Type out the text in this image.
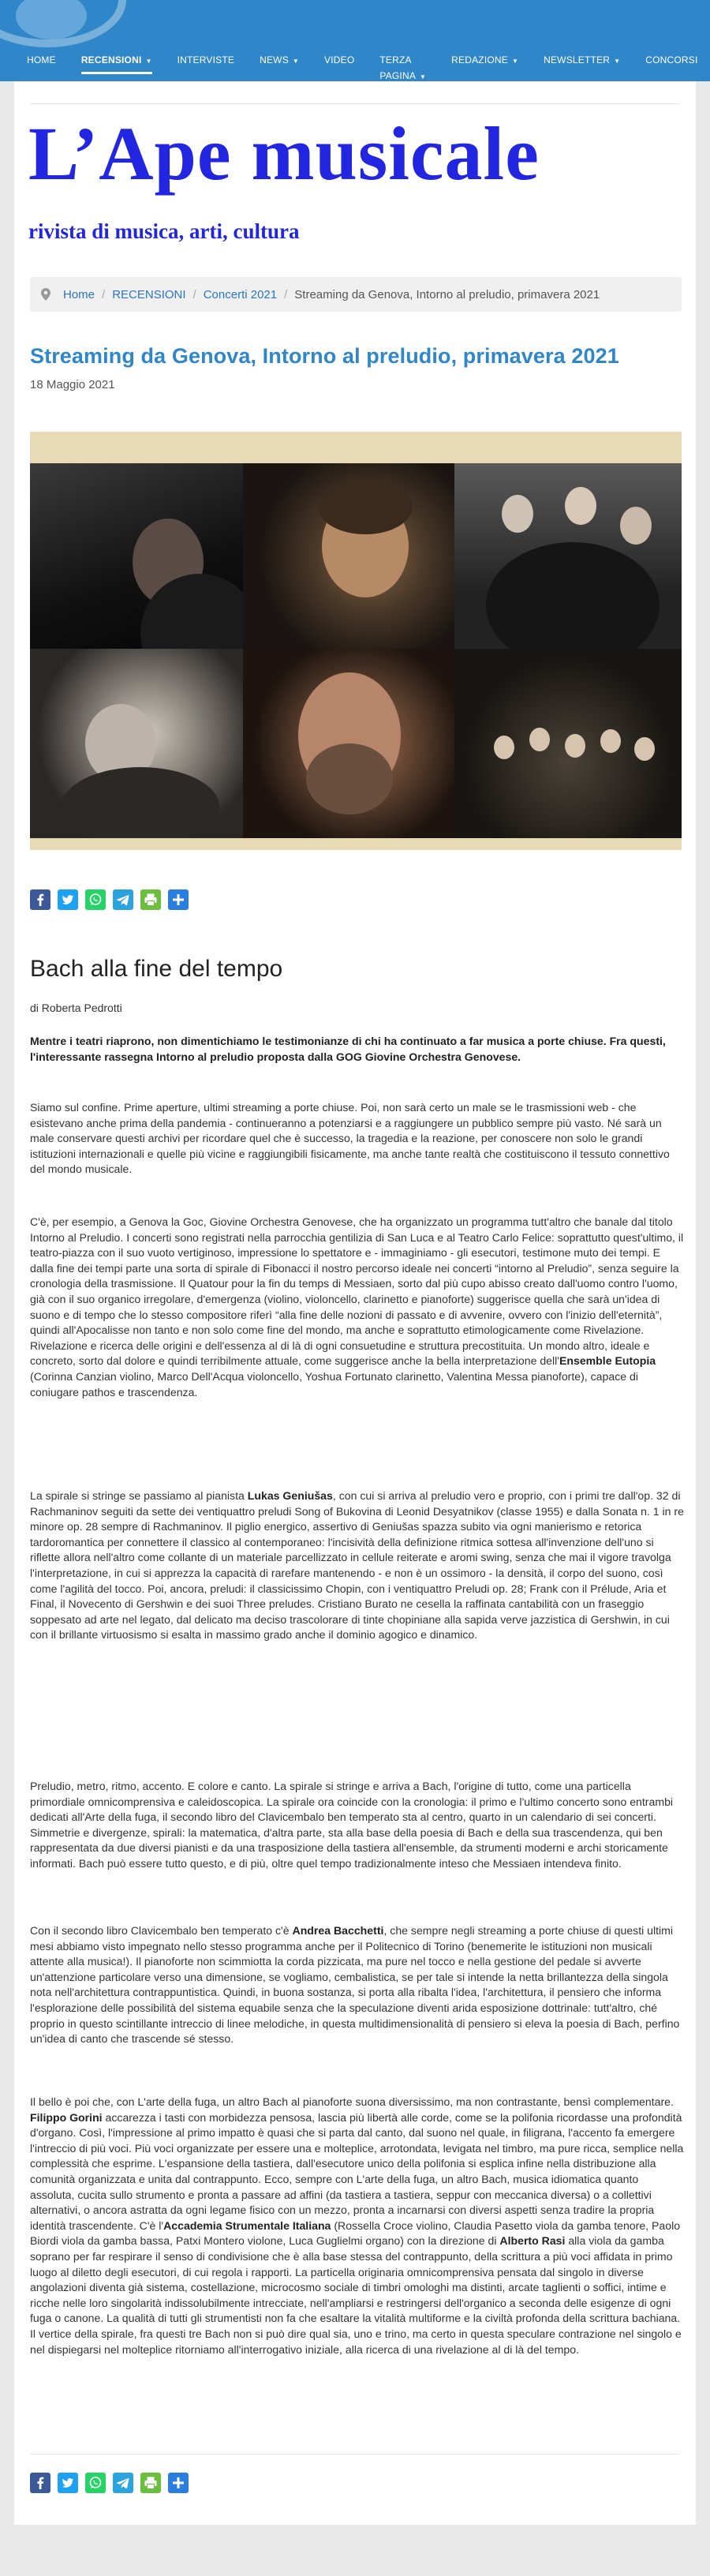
HOME	RECENSIONI ▼	INTERVISTE	NEWS ▼	VIDEO	TERZA PAGINA ▼
REDAZIONE ▼	NEWSLETTER ▼	CONCORSI
L’Ape musicale
rivista di musica, arti, cultura
Home / RECENSIONI / Concerti 2021 / Streaming da Genova, Intorno al preludio, primavera 2021
Streaming da Genova, Intorno al preludio, primavera 2021
18 Maggio 2021
Bach alla fine del tempo
di Roberta Pedrotti
Mentre i teatri riaprono, non dimentichiamo le testimonianze di chi ha continuato a far musica a porte chiuse. Fra questi, l'interessante rassegna Intorno al preludio proposta dalla GOG Giovine Orchestra Genovese.
Siamo sul confine. Prime aperture, ultimi streaming a porte chiuse. Poi, non sarà certo un male se le trasmissioni web - che esistevano anche prima della pandemia - continueranno a potenziarsi e a raggiungere un pubblico sempre più vasto. Né sarà un male conservare questi archivi per ricordare quel che è successo, la tragedia e la reazione, per conoscere non solo le grandi istituzioni internazionali e quelle più vicine e raggiungibili fisicamente, ma anche tante realtà che costituiscono il tessuto connettivo del mondo musicale.
C'è, per esempio, a Genova la Goc, Giovine Orchestra Genovese, che ha organizzato un programma tutt'altro che banale dal titolo Intorno al Preludio. I concerti sono registrati nella parrocchia gentilizia di San Luca e al Teatro Carlo Felice: soprattutto quest'ultimo, il teatro-piazza con il suo vuoto vertiginoso, impressione lo spettatore e - immaginiamo - gli esecutori, testimone muto dei tempi. E dalla fine dei tempi parte una sorta di spirale di Fibonacci il nostro percorso ideale nei concerti “intorno al Preludio”, senza seguire la cronologia della trasmissione. Il Quatour pour la fin du temps di Messiaen, sorto dal più cupo abisso creato dall'uomo contro l'uomo, già con il suo organico irregolare, d'emergenza (violino, violoncello, clarinetto e pianoforte) suggerisce quella che sarà un'idea di suono e di tempo che lo stesso compositore riferì “alla fine delle nozioni di passato e di avvenire, ovvero con l'inizio dell'eternità”, quindi all'Apocalisse non tanto e non solo come fine del mondo, ma anche e soprattutto etimologicamente come Rivelazione. Rivelazione e ricerca delle origini e dell'essenza al di là di ogni consuetudine e struttura precostituita. Un mondo altro, ideale e concreto, sorto dal dolore e quindi terribilmente attuale, come suggerisce anche la bella interpretazione dell'Ensemble Eutopia (Corinna Canzian violino, Marco Dell'Acqua violoncello, Yoshua Fortunato clarinetto, Valentina Messa pianoforte), capace di coniugare pathos e trascendenza.
La spirale si stringe se passiamo al pianista Lukas Geniušas, con cui si arriva al preludio vero e proprio, con i primi tre dall'op. 32 di Rachmaninov seguiti da sette dei ventiquattro preludi Song of Bukovina di Leonid Desyatnikov (classe 1955) e dalla Sonata n. 1 in re minore op. 28 sempre di Rachmaninov. Il piglio energico, assertivo di Geniušas spazza subito via ogni manierismo e retorica tardoromantica per connettere il classico al contemporaneo: l'incisività della definizione ritmica sottesa all'invenzione dell'uno si riflette allora nell'altro come collante di un materiale parcellizzato in cellule reiterate e aromi swing, senza che mai il vigore travolga l'interpretazione, in cui si apprezza la capacità di rarefare mantenendo - e non è un ossimoro - la densità, il corpo del suono, così come l'agilità del tocco. Poi, ancora, preludi: il classicissimo Chopin, con i ventiquattro Preludi op. 28; Frank con il Prélude, Aria et Final, il Novecento di Gershwin e dei suoi Three preludes. Cristiano Burato ne cesella la raffinata cantabilità con un fraseggio soppesato ad arte nel legato, dal delicato ma deciso trascolorare di tinte chopiniane alla sapida verve jazzistica di Gershwin, in cui con il brillante virtuosismo si esalta in massimo grado anche il dominio agogico e dinamico.
Preludio, metro, ritmo, accento. E colore e canto. La spirale si stringe e arriva a Bach, l'origine di tutto, come una particella primordiale omnicomprensiva e caleidoscopica. La spirale ora coincide con la cronologia: il primo e l'ultimo concerto sono entrambi dedicati all'Arte della fuga, il secondo libro del Clavicembalo ben temperato sta al centro, quarto in un calendario di sei concerti. Simmetrie e divergenze, spirali: la matematica, d'altra parte, sta alla base della poesia di Bach e della sua trascendenza, qui ben rappresentata da due diversi pianisti e da una trasposizione della tastiera all'ensemble, da strumenti moderni e archi storicamente informati. Bach può essere tutto questo, e di più, oltre quel tempo tradizionalmente inteso che Messiaen intendeva finito.
Con il secondo libro Clavicembalo ben temperato c'è Andrea Bacchetti, che sempre negli streaming a porte chiuse di questi ultimi mesi abbiamo visto impegnato nello stesso programma anche per il Politecnico di Torino (benemerite le istituzioni non musicali attente alla musica!). Il pianoforte non scimmiotta la corda pizzicata, ma pure nel tocco e nella gestione del pedale si avverte un'attenzione particolare verso una dimensione, se vogliamo, cembalistica, se per tale si intende la netta brillantezza della singola nota nell'architettura contrappuntistica. Quindi, in buona sostanza, si porta alla ribalta l'idea, l'architettura, il pensiero che informa l'esplorazione delle possibilità del sistema equabile senza che la speculazione diventi arida esposizione dottrinale: tutt'altro, ché proprio in questo scintillante intreccio di linee melodiche, in questa multidimensionalità di pensiero si eleva la poesia di Bach, perfino un'idea di canto che trascende sé stesso.
Il bello è poi che, con L'arte della fuga, un altro Bach al pianoforte suona diversissimo, ma non contrastante, bensì complementare. Filippo Gorini accarezza i tasti con morbidezza pensosa, lascia più libertà alle corde, come se la polifonia ricordasse una profondità d'organo. Così, l'impressione al primo impatto è quasi che si parta dal canto, dal suono nel quale, in filigrana, l'accento fa emergere l'intreccio di più voci. Più voci organizzate per essere una e molteplice, arrotondata, levigata nel timbro, ma pure ricca, semplice nella complessità che esprime. L'espansione della tastiera, dall'esecutore unico della polifonia si esplica infine nella distribuzione alla comunità organizzata e unita dal contrappunto. Ecco, sempre con L'arte della fuga, un altro Bach, musica idiomatica quanto assoluta, cucita sullo strumento e pronta a passare ad affini (da tastiera a tastiera, seppur con meccanica diversa) o a collettivi alternativi, o ancora astratta da ogni legame fisico con un mezzo, pronta a incarnarsi con diversi aspetti senza tradire la propria identità trascendente. C'è l'Accademia Strumentale Italiana (Rossella Croce violino, Claudia Pasetto viola da gamba tenore, Paolo Biordi viola da gamba bassa, Patxi Montero violone, Luca Guglielmi organo) con la direzione di Alberto Rasi alla viola da gamba soprano per far respirare il senso di condivisione che è alla base stessa del contrappunto, della scrittura a più voci affidata in primo luogo al diletto degli esecutori, di cui regola i rapporti. La particella originaria omnicomprensiva pensata dal singolo in diverse angolazioni diventa già sistema, costellazione, microcosmo sociale di timbri omologhi ma distinti, arcate taglienti o soffici, intime e ricche nelle loro singolarità indissolubilmente intrecciate, nell'ampliarsi e restringersi dell'organico a seconda delle esigenze di ogni fuga o canone. La qualità di tutti gli strumentisti non fa che esaltare la vitalità multiforme e la civiltà profonda della scrittura bachiana. Il vertice della spirale, fra questi tre Bach non si può dire qual sia, uno e trino, ma certo in questa speculare contrazione nel singolo e nel dispiegarsi nel molteplice ritorniamo all'interrogativo iniziale, alla ricerca di una rivelazione al di là del tempo.
